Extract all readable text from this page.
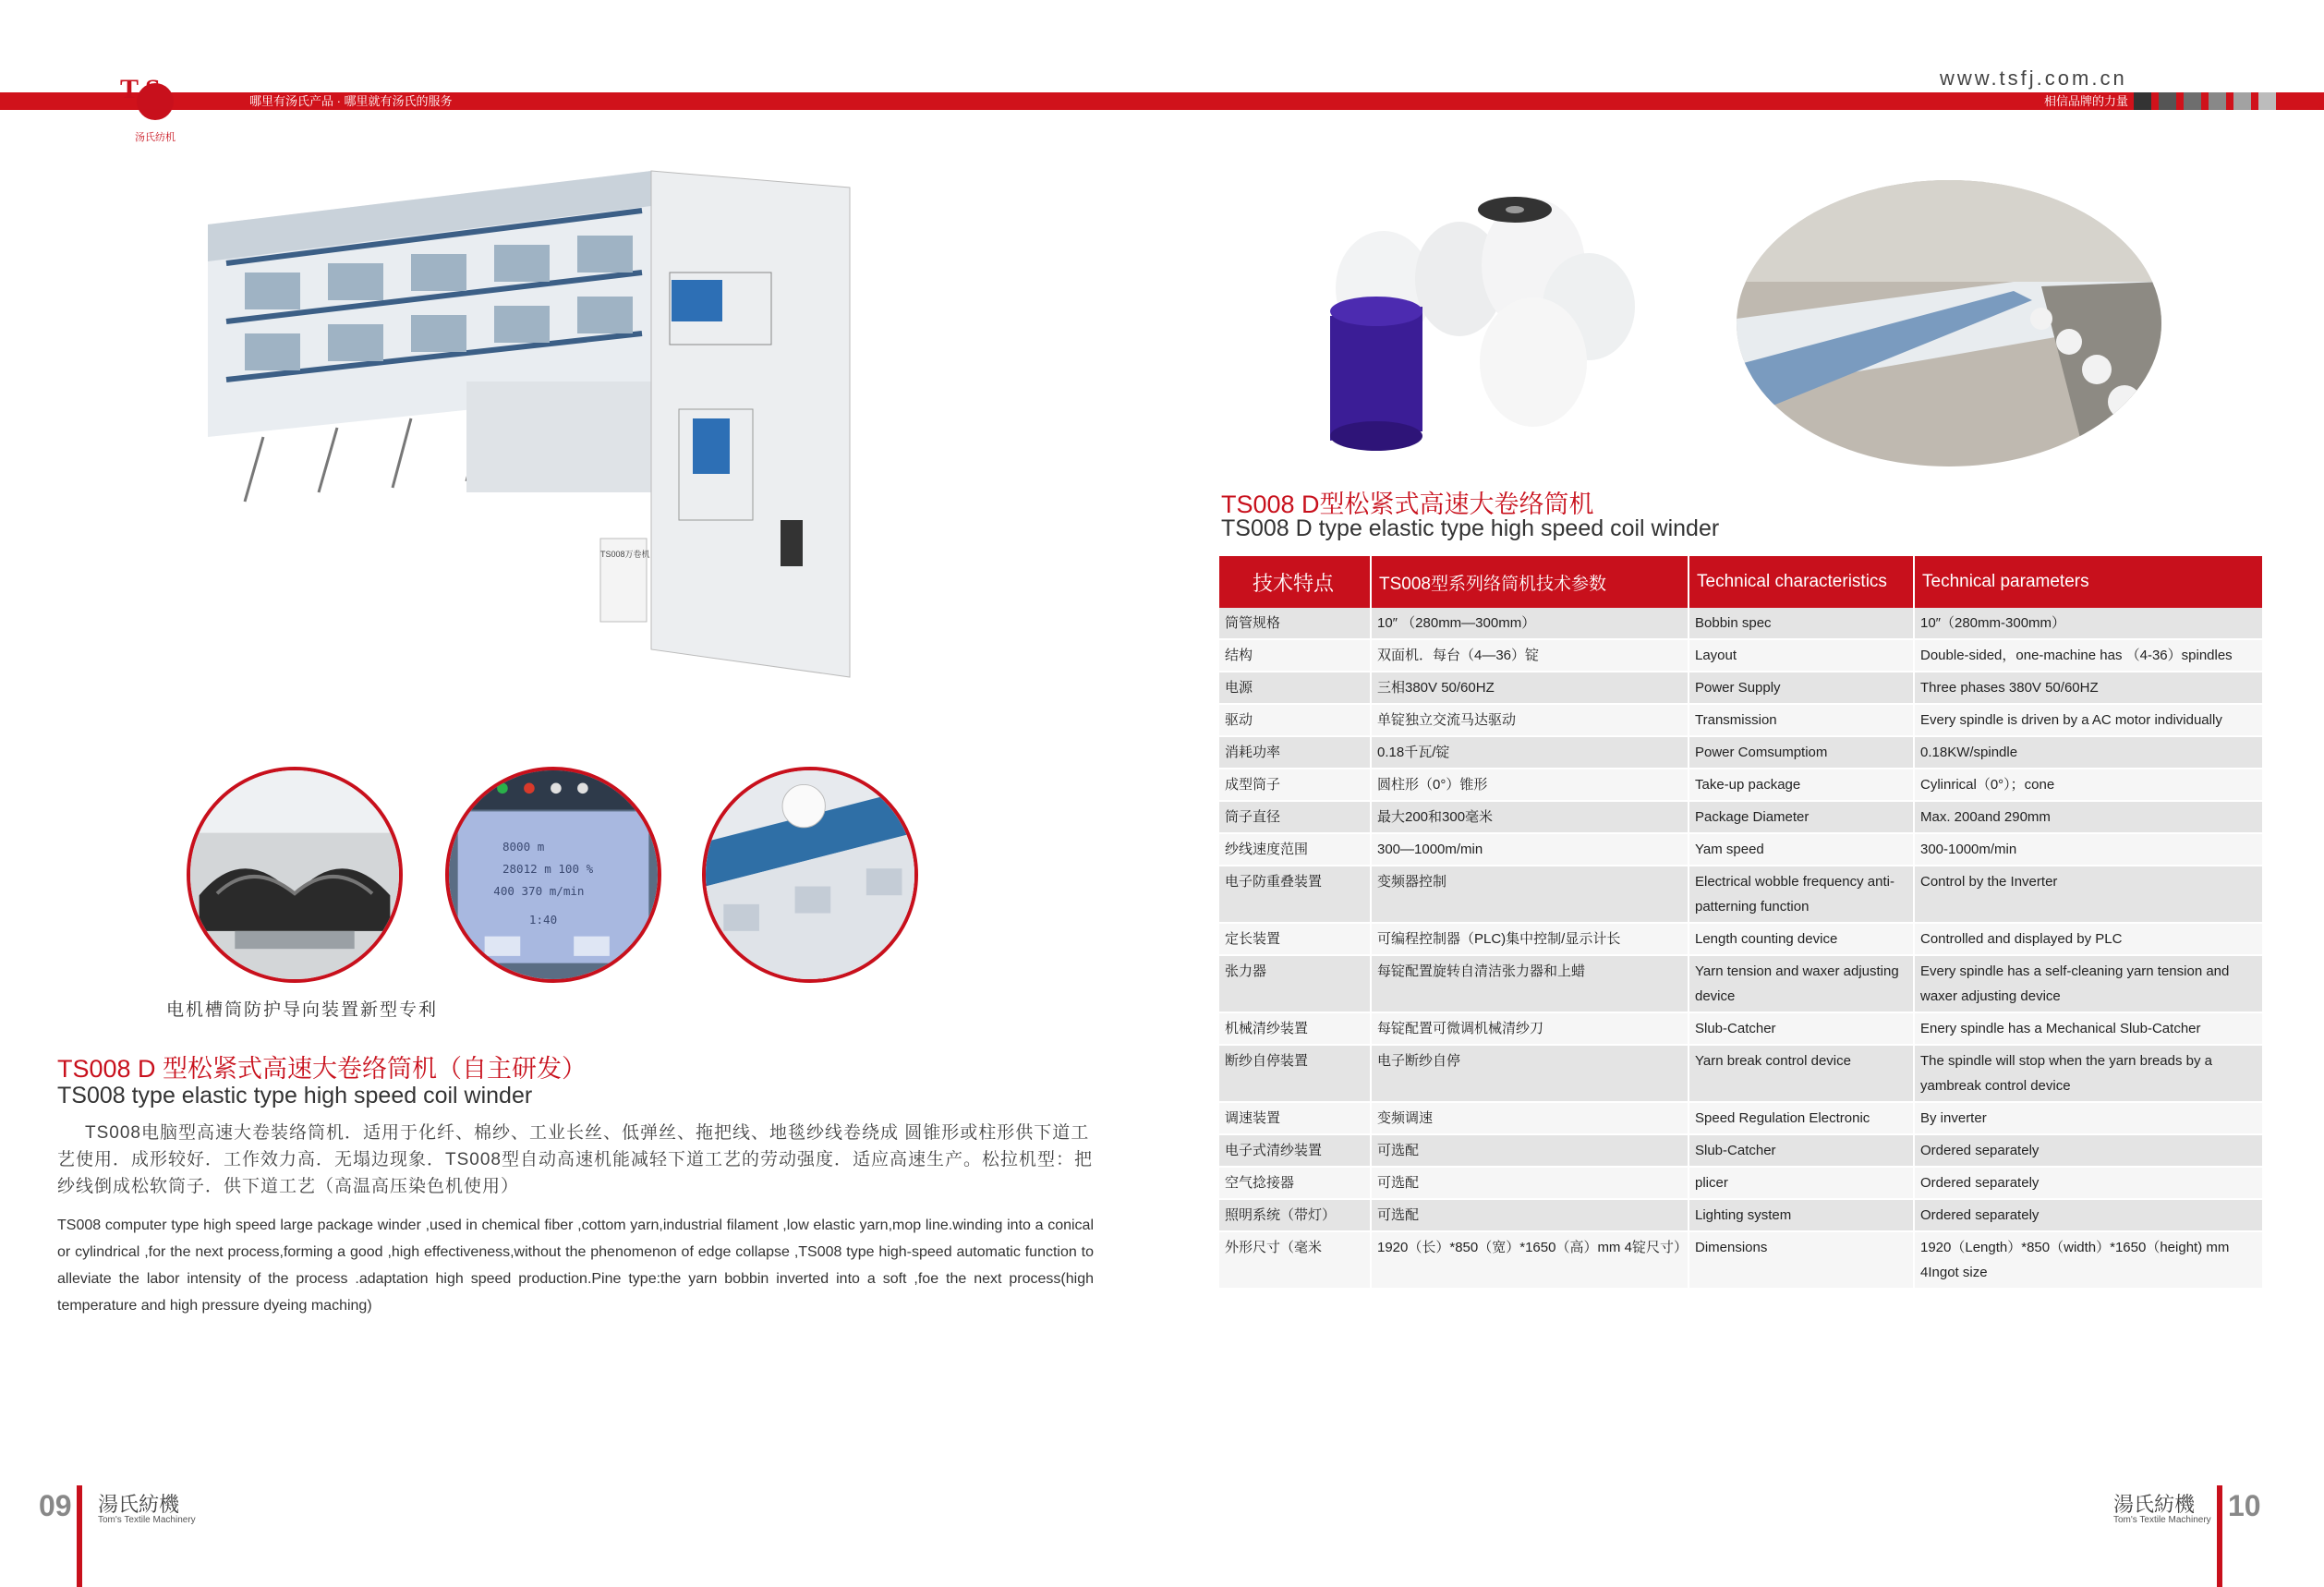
T S
汤氏纺机
哪里有汤氏产品 · 哪里就有汤氏的服务	相信品牌的力量
www.tsfj.com.cn
TS008万卷机
8000 m
28012 m 100 %
400 370 m/min
1:40
电机槽筒防护导向装置新型专利
TS008 D 型松紧式高速大卷络筒机（自主研发）
TS008 type elastic type high speed coil winder
TS008电脑型高速大卷装络筒机．适用于化纤、棉纱、工业长丝、低弹丝、拖把线、地毯纱线卷绕成 圆锥形或柱形供下道工艺使用．成形较好．工作效力高．无塌边现象．TS008型自动高速机能减轻下道工艺的劳动强度．适应高速生产。松拉机型：把纱线倒成松软筒子．供下道工艺（高温高压染色机使用）
TS008 computer type high speed large package winder ,used in chemical fiber ,cottom yarn,industrial filament ,low elastic yarn,mop line.winding into a conical or cylindrical ,for the next process,forming a good ,high effectiveness,without the phenomenon of edge collapse ,TS008 type high-speed automatic function to alleviate the labor intensity of the process .adaptation high speed production.Pine type:the yarn bobbin inverted into a soft ,foe the next process(high temperature and high pressure dyeing maching)
TS008 D型松紧式高速大卷络筒机
TS008 D type elastic type high speed coil winder
技术特点	TS008型系列络筒机技术参数	Technical characteristics	Technical parameters
筒管规格	10″ （280mm—300mm）	Bobbin spec	10″（280mm-300mm）
结构	双面机．每台（4—36）锭	Layout	Double-sided，one-machine has （4-36）spindles
电源	三相380V 50/60HZ	Power Supply	Three phases 380V 50/60HZ
驱动	单锭独立交流马达驱动	Transmission	Every spindle is driven by a AC motor individually
消耗功率	0.18千瓦/锭	Power Comsumptiom	0.18KW/spindle
成型筒子	圆柱形（0°）锥形	Take-up package	Cylinrical（0°）；cone
筒子直径	最大200和300毫米	Package Diameter	Max. 200and 290mm
纱线速度范围	300—1000m/min	Yam speed	300-1000m/min
电子防重叠装置	变频器控制	Electrical wobble frequency anti-patterning function	Control by the Inverter
定长装置	可编程控制器（PLC)集中控制/显示计长	Length counting device	Controlled and displayed by PLC
张力器	每锭配置旋转自清洁张力器和上蜡	Yarn tension and waxer adjusting device	Every spindle has a self-cleaning yarn tension and waxer adjusting device
机械清纱装置	每锭配置可微调机械清纱刀	Slub-Catcher	Enery spindle has a Mechanical Slub-Catcher
断纱自停装置	电子断纱自停	Yarn break control device	The spindle will stop when the yarn breads by a yambreak control device
调速装置	变频调速	Speed Regulation Electronic	By inverter
电子式清纱装置	可选配	Slub-Catcher	Ordered separately
空气捻接器	可选配	plicer	Ordered separately
照明系统（带灯）	可选配	Lighting system	Ordered separately
外形尺寸（毫米	1920（长）*850（宽）*1650（高）mm 4锭尺寸）	Dimensions	1920（Length）*850（width）*1650（height) mm 4Ingot size
09 湯氏紡機
Tom's Textile Machinery
湯氏紡機
Tom's Textile Machinery 10
